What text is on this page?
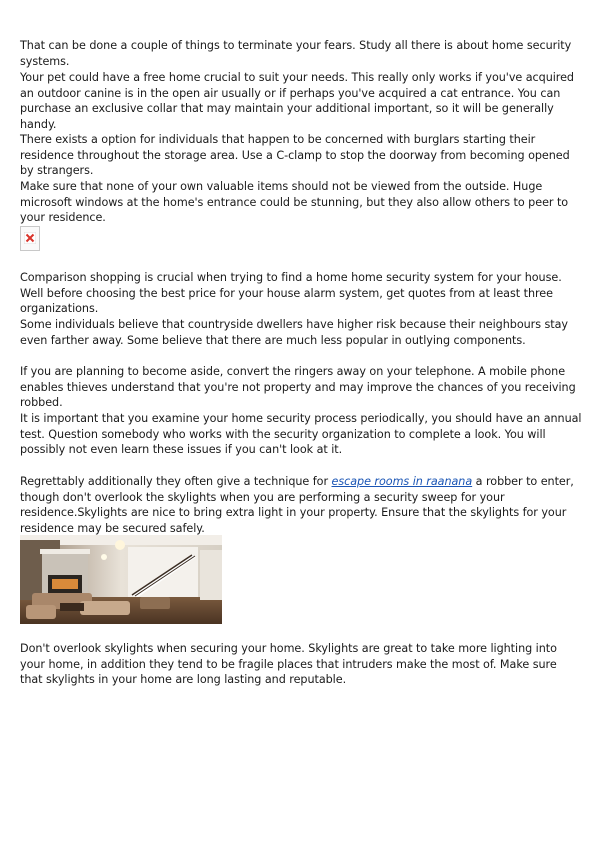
That can be done a couple of things to terminate your fears. Study all there is about home security systems.

Your pet could have a free home crucial to suit your needs. This really only works if you've acquired an outdoor canine is in the open air usually or if perhaps you've acquired a cat entrance. You can purchase an exclusive collar that may maintain your additional important, so it will be generally handy.

There exists a option for individuals that happen to be concerned with burglars starting their residence throughout the storage area. Use a C-clamp to stop the doorway from becoming opened by strangers.

Make sure that none of your own valuable items should not be viewed from the outside. Huge microsoft windows at the home's entrance could be stunning, but they also allow others to peer to your residence.

Comparison shopping is crucial when trying to find a home home security system for your house. Well before choosing the best price for your house alarm system, get quotes from at least three organizations.

Some individuals believe that countryside dwellers have higher risk because their neighbours stay even farther away. Some believe that there are much less popular in outlying components.

If you are planning to become aside, convert the ringers away on your telephone. A mobile phone enables thieves understand that you're not property and may improve the chances of you receiving robbed.

It is important that you examine your home security process periodically, you should have an annual test. Question somebody who works with the security organization to complete a look. You will possibly not even learn these issues if you can't look at it.

Regrettably additionally they often give a technique for escape rooms in raanana a robber to enter, though don't overlook the skylights when you are performing a security sweep for your residence.Skylights are nice to bring extra light in your property. Ensure that the skylights for your residence may be secured safely.

Don't overlook skylights when securing your home. Skylights are great to take more lighting into your home, in addition they tend to be fragile places that intruders make the most of. Make sure that skylights in your home are long lasting and reputable.
